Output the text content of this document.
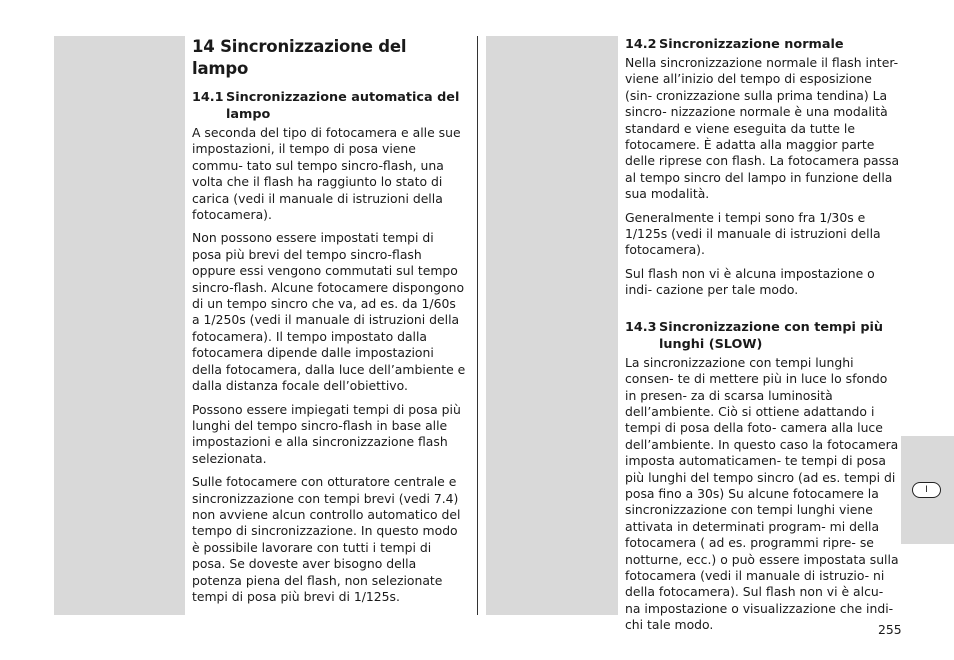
I
14 Sincronizzazione del lampo
14.1 Sincronizzazione automatica del lampo

A seconda del tipo di fotocamera e alle sue impostazioni, il tempo di posa viene commu- tato sul tempo sincro-flash, una volta che il flash ha raggiunto lo stato di carica (vedi il manuale di istruzioni della fotocamera).

Non possono essere impostati tempi di posa più brevi del tempo sincro-flash oppure essi vengono commutati sul tempo sincro-flash. Alcune fotocamere dispongono di un tempo sincro che va, ad es. da 1/60s a 1/250s (vedi il manuale di istruzioni della fotocamera). Il tempo impostato dalla fotocamera dipende dalle impostazioni della fotocamera, dalla luce dell’ambiente e dalla distanza focale dell’obiettivo.

Possono essere impiegati tempi di posa più lunghi del tempo sincro-flash in base alle impostazioni e alla sincronizzazione flash selezionata.

Sulle fotocamere con otturatore centrale e sincronizzazione con tempi brevi (vedi 7.4) non avviene alcun controllo automatico del tempo di sincronizzazione. In questo modo è possibile lavorare con tutti i tempi di posa. Se doveste aver bisogno della potenza piena del flash, non selezionate tempi di posa più brevi di 1/125s.

14.2 Sincronizzazione normale

Nella sincronizzazione normale il flash inter- viene all’inizio del tempo di esposizione (sin- cronizzazione sulla prima tendina) La sincro- nizzazione normale è una modalità standard e viene eseguita da tutte le fotocamere. È adatta alla maggior parte delle riprese con flash. La fotocamera passa al tempo sincro del lampo in funzione della sua modalità.

Generalmente i tempi sono fra 1/30s e 1/125s (vedi il manuale di istruzioni della fotocamera).

Sul flash non vi è alcuna impostazione o indi- cazione per tale modo.

14.3 Sincronizzazione con tempi più lunghi (SLOW)

La sincronizzazione con tempi lunghi consen- te di mettere più in luce lo sfondo in presen- za di scarsa luminosità dell’ambiente. Ciò si ottiene adattando i tempi di posa della foto- camera alla luce dell’ambiente. In questo caso la fotocamera imposta automaticamen- te tempi di posa più lunghi del tempo sincro (ad es. tempi di posa fino a 30s) Su alcune fotocamere la sincronizzazione con tempi lunghi viene attivata in determinati program- mi della fotocamera ( ad es. programmi ripre- se notturne, ecc.) o può essere impostata sulla fotocamera (vedi il manuale di istruzio- ni della fotocamera). Sul flash non vi è alcu- na impostazione o visualizzazione che indi- chi tale modo.	255
